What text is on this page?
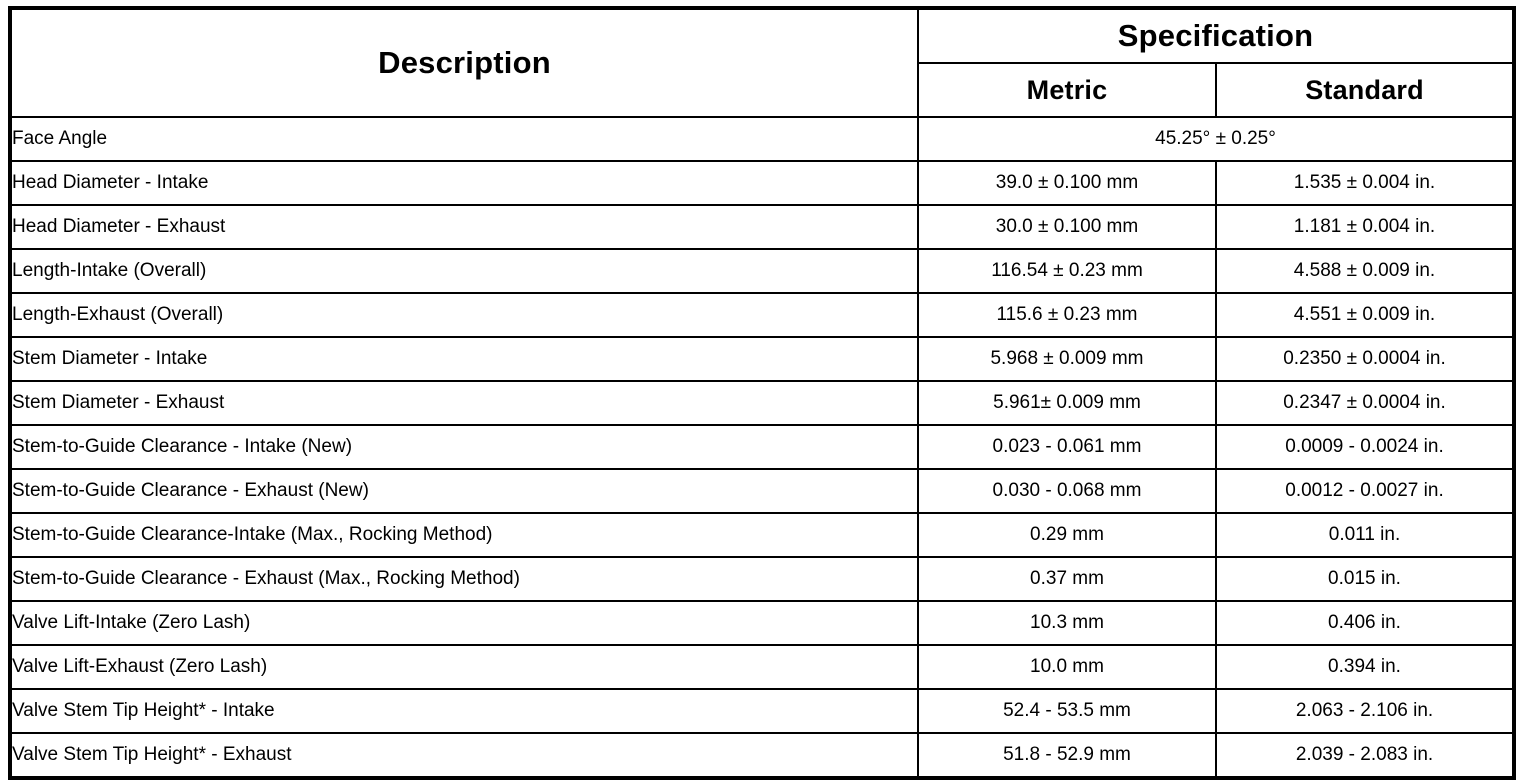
Description	Specification	
	Metric	Standard
Face Angle	45.25° ± 0.25°	
Head Diameter - Intake	39.0 ± 0.100 mm	1.535 ± 0.004 in.
Head Diameter - Exhaust	30.0 ± 0.100 mm	1.181 ± 0.004 in.
Length-Intake (Overall)	116.54 ± 0.23 mm	4.588 ± 0.009 in.
Length-Exhaust (Overall)	115.6 ± 0.23 mm	4.551 ± 0.009 in.
Stem Diameter - Intake	5.968 ± 0.009 mm	0.2350 ± 0.0004 in.
Stem Diameter - Exhaust	5.961± 0.009 mm	0.2347 ± 0.0004 in.
Stem-to-Guide Clearance - Intake (New)	0.023 - 0.061 mm	0.0009 - 0.0024 in.
Stem-to-Guide Clearance - Exhaust (New)	0.030 - 0.068 mm	0.0012 - 0.0027 in.
Stem-to-Guide Clearance-Intake (Max., Rocking Method)	0.29 mm	0.011 in.
Stem-to-Guide Clearance - Exhaust (Max., Rocking Method)	0.37 mm	0.015 in.
Valve Lift-Intake (Zero Lash)	10.3 mm	0.406 in.
Valve Lift-Exhaust (Zero Lash)	10.0 mm	0.394 in.
Valve Stem Tip Height* - Intake	52.4 - 53.5 mm	2.063 - 2.106 in.
Valve Stem Tip Height* - Exhaust	51.8 - 52.9 mm	2.039 - 2.083 in.
